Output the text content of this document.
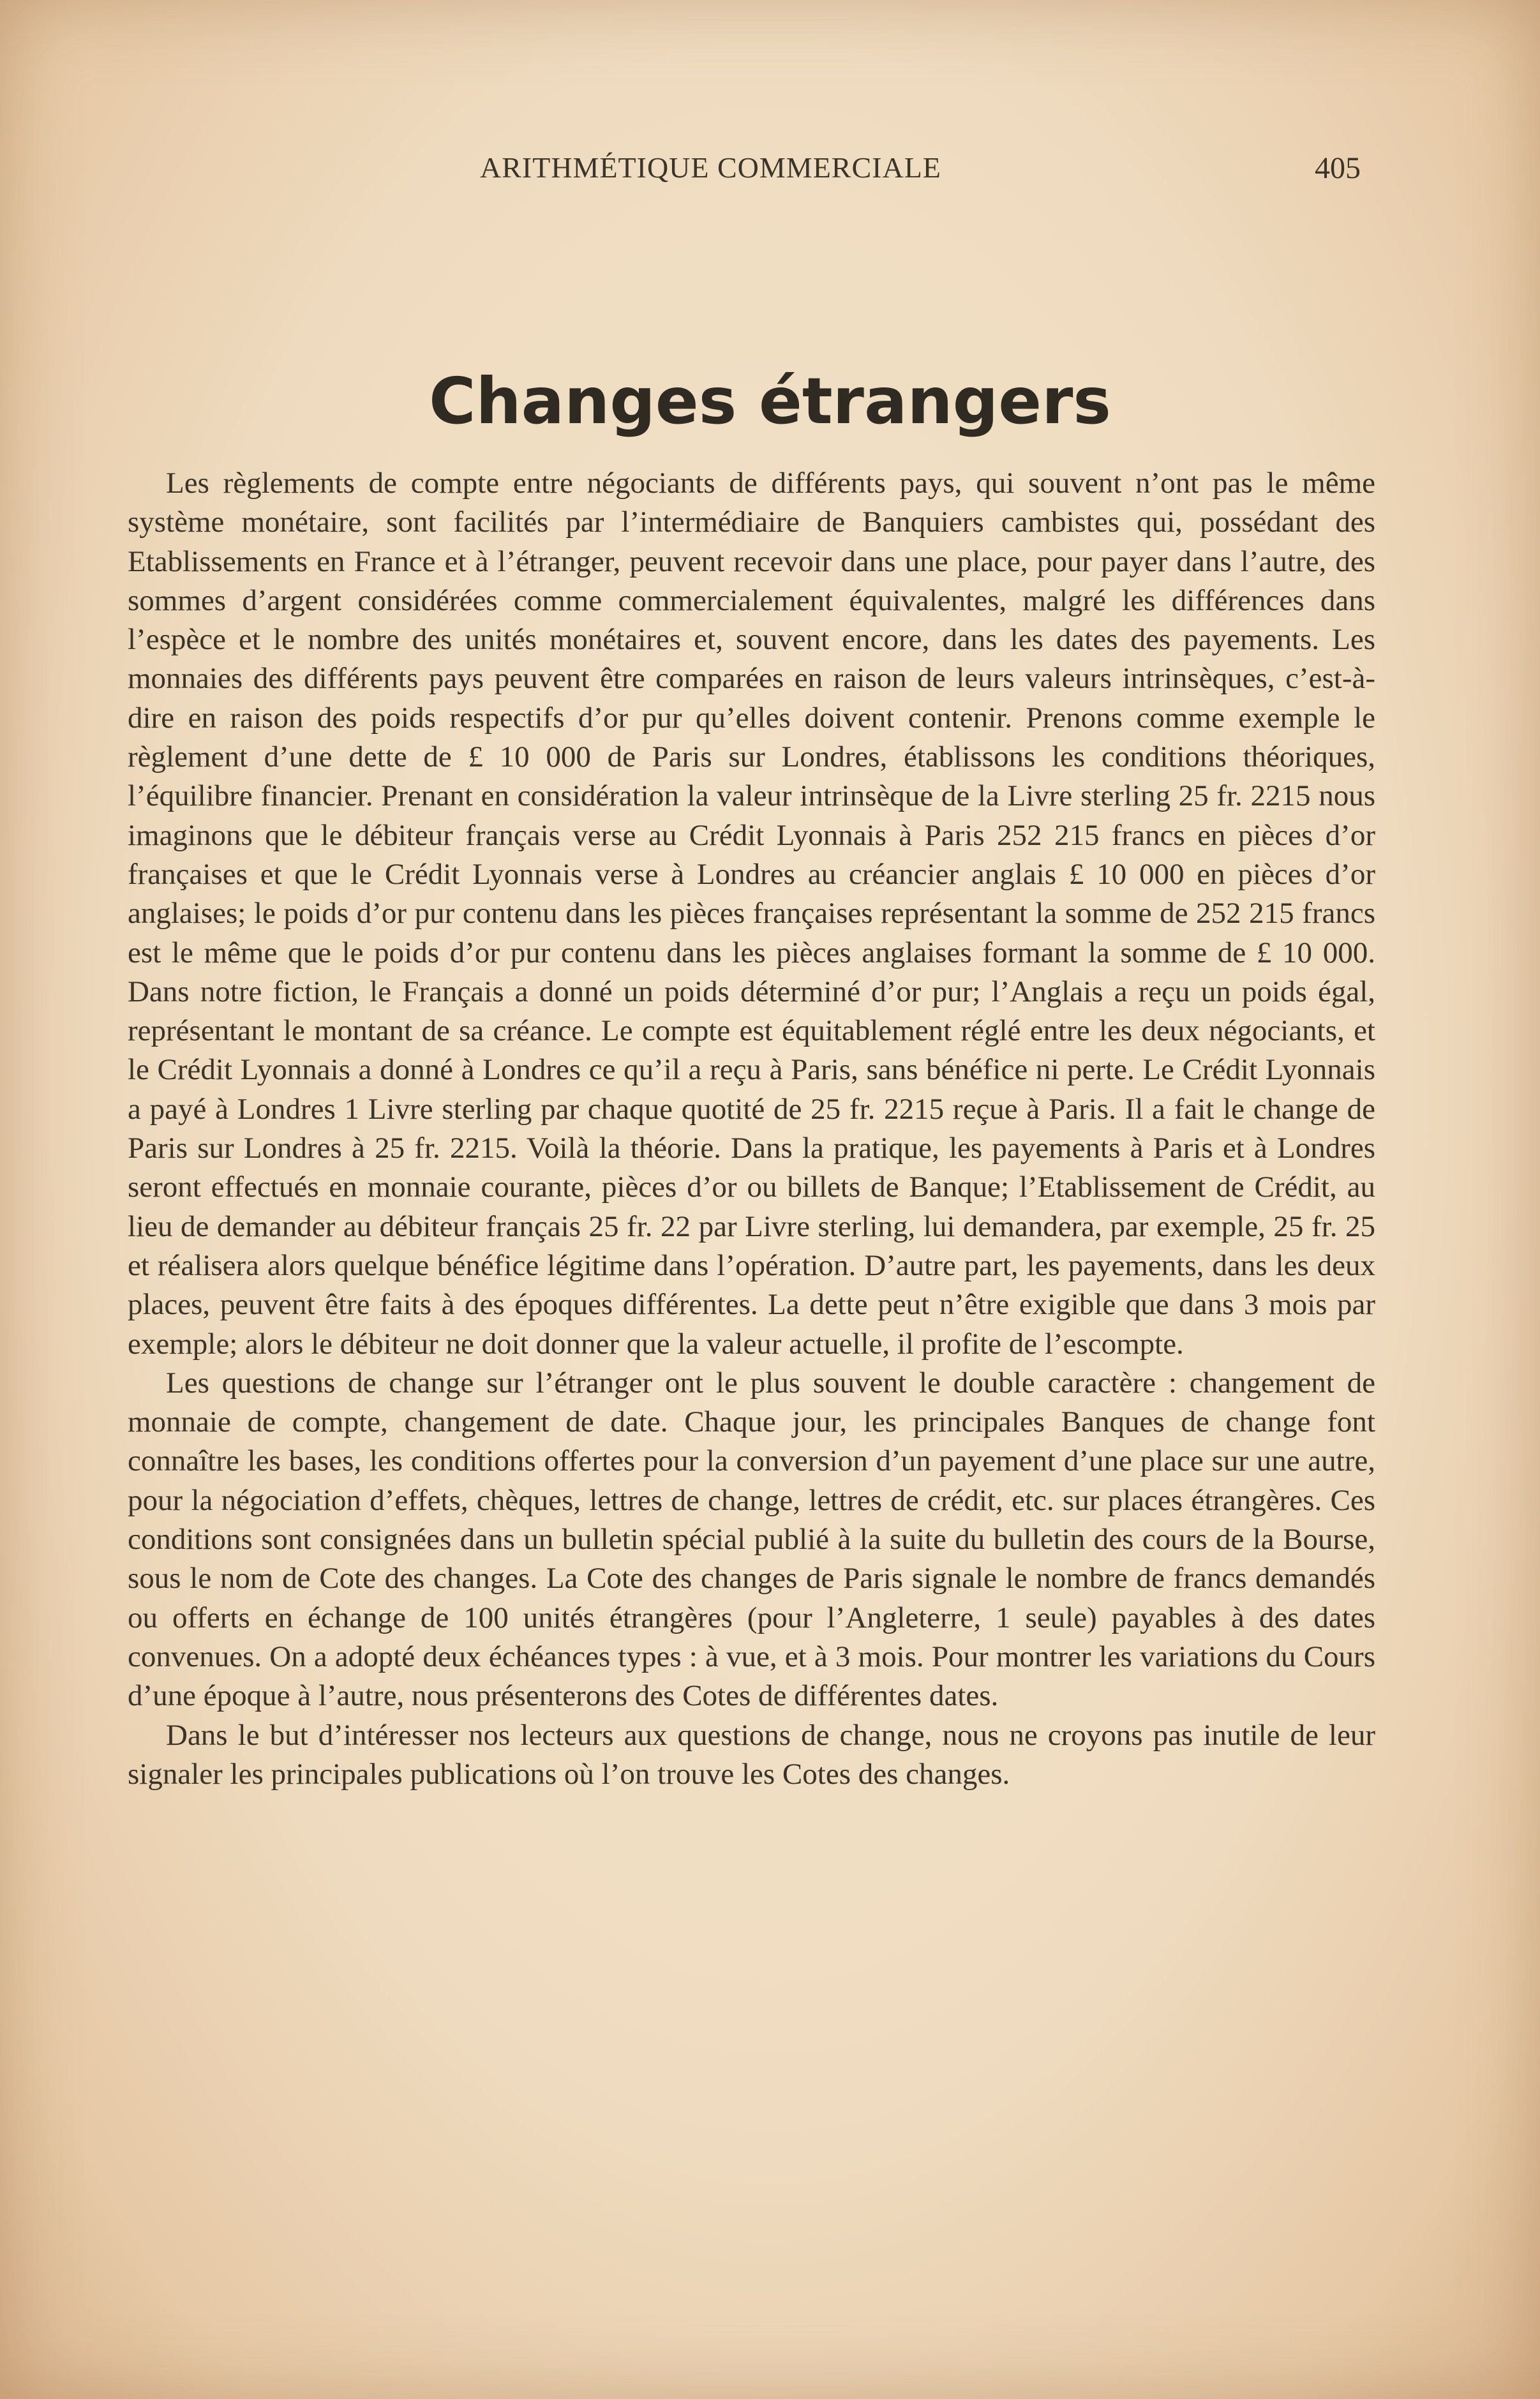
ARITHMÉTIQUE COMMERCIALE	405
Changes étrangers

Les règlements de compte entre négociants de différents pays, qui souvent n’ont pas le même système monétaire, sont facilités par l’intermédiaire de Banquiers cambistes qui, possédant des Etablissements en France et à l’étranger, peuvent recevoir dans une place, pour payer dans l’autre, des sommes d’argent considérées comme commercialement équivalentes, malgré les différences dans l’espèce et le nombre des unités monétaires et, souvent encore, dans les dates des payements. Les monnaies des différents pays peuvent être comparées en raison de leurs valeurs intrinsèques, c’est-à-dire en raison des poids respectifs d’or pur qu’elles doivent contenir. Prenons comme exemple le règlement d’une dette de £ 10 000 de Paris sur Londres, établissons les conditions théoriques, l’équilibre financier. Prenant en considération la valeur intrinsèque de la Livre sterling 25 fr. 2215 nous imaginons que le débiteur français verse au Crédit Lyonnais à Paris 252 215 francs en pièces d’or françaises et que le Crédit Lyonnais verse à Londres au créancier anglais £ 10 000 en pièces d’or anglaises; le poids d’or pur contenu dans les pièces françaises représentant la somme de 252 215 francs est le même que le poids d’or pur contenu dans les pièces anglaises formant la somme de £ 10 000. Dans notre fiction, le Français a donné un poids déterminé d’or pur; l’Anglais a reçu un poids égal, représentant le montant de sa créance. Le compte est équitablement réglé entre les deux négociants, et le Crédit Lyonnais a donné à Londres ce qu’il a reçu à Paris, sans bénéfice ni perte. Le Crédit Lyonnais a payé à Londres 1 Livre sterling par chaque quotité de 25 fr. 2215 reçue à Paris. Il a fait le change de Paris sur Londres à 25 fr. 2215. Voilà la théorie. Dans la pratique, les payements à Paris et à Londres seront effectués en monnaie courante, pièces d’or ou billets de Banque; l’Etablissement de Crédit, au lieu de demander au débiteur français 25 fr. 22 par Livre sterling, lui demandera, par exemple, 25 fr. 25 et réalisera alors quelque bénéfice légitime dans l’opération. D’autre part, les payements, dans les deux places, peuvent être faits à des époques différentes. La dette peut n’être exigible que dans 3 mois par exemple; alors le débiteur ne doit donner que la valeur actuelle, il profite de l’escompte.

Les questions de change sur l’étranger ont le plus souvent le double caractère : changement de monnaie de compte, changement de date. Chaque jour, les principales Banques de change font connaître les bases, les conditions offertes pour la conversion d’un payement d’une place sur une autre, pour la négociation d’effets, chèques, lettres de change, lettres de crédit, etc. sur places étrangères. Ces conditions sont consignées dans un bulletin spécial publié à la suite du bulletin des cours de la Bourse, sous le nom de Cote des changes. La Cote des changes de Paris signale le nombre de francs demandés ou offerts en échange de 100 unités étrangères (pour l’Angleterre, 1 seule) payables à des dates convenues. On a adopté deux échéances types : à vue, et à 3 mois. Pour montrer les variations du Cours d’une époque à l’autre, nous présenterons des Cotes de différentes dates.

Dans le but d’intéresser nos lecteurs aux questions de change, nous ne croyons pas inutile de leur signaler les principales publications où l’on trouve les Cotes des changes.
